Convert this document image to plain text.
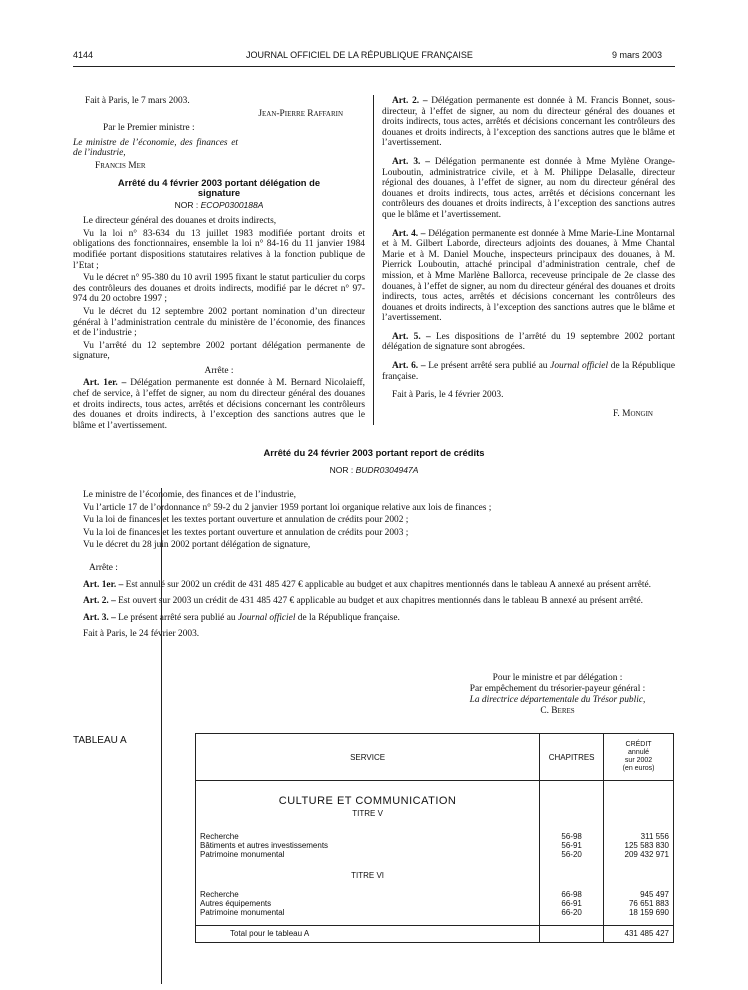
4144	JOURNAL OFFICIEL DE LA RÉPUBLIQUE FRANÇAISE	9 mars 2003

Fait à Paris, le 7 mars 2003.

Jean-Pierre Raffarin

Par le Premier ministre :

Le ministre de l’économie, des finances et de l’industrie,

Francis Mer

Arrêté du 4 février 2003 portant délégation de signature

NOR : ECOP0300188A

Le directeur général des douanes et droits indirects,

Vu la loi n° 83-634 du 13 juillet 1983 modifiée portant droits et obligations des fonctionnaires, ensemble la loi n° 84-16 du 11 janvier 1984 modifiée portant dispositions statutaires relatives à la fonction publique de l’Etat ;

Vu le décret n° 95-380 du 10 avril 1995 fixant le statut particulier du corps des contrôleurs des douanes et droits indirects, modifié par le décret n° 97-974 du 20 octobre 1997 ;

Vu le décret du 12 septembre 2002 portant nomination d’un directeur général à l’administration centrale du ministère de l’économie, des finances et de l’industrie ;

Vu l’arrêté du 12 septembre 2002 portant délégation permanente de signature,

Arrête :

Art. 1er. – Délégation permanente est donnée à M. Bernard Nicolaieff, chef de service, à l’effet de signer, au nom du directeur général des douanes et droits indirects, tous actes, arrêtés et décisions concernant les contrôleurs des douanes et droits indirects, à l’exception des sanctions autres que le blâme et l’avertissement.

Art. 2. – Délégation permanente est donnée à M. Francis Bonnet, sous-directeur, à l’effet de signer, au nom du directeur général des douanes et droits indirects, tous actes, arrêtés et décisions concernant les contrôleurs des douanes et droits indirects, à l’exception des sanctions autres que le blâme et l’avertissement.

Art. 3. – Délégation permanente est donnée à Mme Mylène Orange-Louboutin, administratrice civile, et à M. Philippe Delasalle, directeur régional des douanes, à l’effet de signer, au nom du directeur général des douanes et droits indirects, tous actes, arrêtés et décisions concernant les contrôleurs des douanes et droits indirects, à l’exception des sanctions autres que le blâme et l’avertissement.

Art. 4. – Délégation permanente est donnée à Mme Marie-Line Montarnal et à M. Gilbert Laborde, directeurs adjoints des douanes, à Mme Chantal Marie et à M. Daniel Mouche, inspecteurs principaux des douanes, à M. Pierrick Louboutin, attaché principal d’administration centrale, chef de mission, et à Mme Marlène Ballorca, receveuse principale de 2e classe des douanes, à l’effet de signer, au nom du directeur général des douanes et droits indirects, tous actes, arrêtés et décisions concernant les contrôleurs des douanes et droits indirects, à l’exception des sanctions autres que le blâme et l’avertissement.

Art. 5. – Les dispositions de l’arrêté du 19 septembre 2002 portant délégation de signature sont abrogées.

Art. 6. – Le présent arrêté sera publié au Journal officiel de la République française.

Fait à Paris, le 4 février 2003.

F. Mongin

Arrêté du 24 février 2003 portant report de crédits
NOR : BUDR0304947A

Le ministre de l’économie, des finances et de l’industrie,

Vu l’article 17 de l’ordonnance n° 59-2 du 2 janvier 1959 portant loi organique relative aux lois de finances ;

Vu la loi de finances et les textes portant ouverture et annulation de crédits pour 2002 ;

Vu la loi de finances et les textes portant ouverture et annulation de crédits pour 2003 ;

Vu le décret du 28 juin 2002 portant délégation de signature,

Arrête :

Art. 1er. – Est annulé sur 2002 un crédit de 431 485 427 € applicable au budget et aux chapitres mentionnés dans le tableau A annexé au présent arrêté.

Art. 2. – Est ouvert sur 2003 un crédit de 431 485 427 € applicable au budget et aux chapitres mentionnés dans le tableau B annexé au présent arrêté.

Art. 3. – Le présent arrêté sera publié au Journal officiel de la République française.

Fait à Paris, le 24 février 2003.

Pour le ministre et par délégation :
Par empêchement du trésorier-payeur général :
La directrice départementale du Trésor public,
C. Beres
TABLEAU A
SERVICE	CHAPITRES	CRÉDIT
annulé
sur 2002
(en euros)

CULTURE ET COMMUNICATION		
TITRE V		
Recherche	56-98	311 556
Bâtiments et autres investissements	56-91	125 583 830
Patrimoine monumental	56-20	209 432 971
TITRE VI		
Recherche	66-98	945 497
Autres équipements	66-91	76 651 883
Patrimoine monumental	66-20	18 159 690

Total pour le tableau A		431 485 427
